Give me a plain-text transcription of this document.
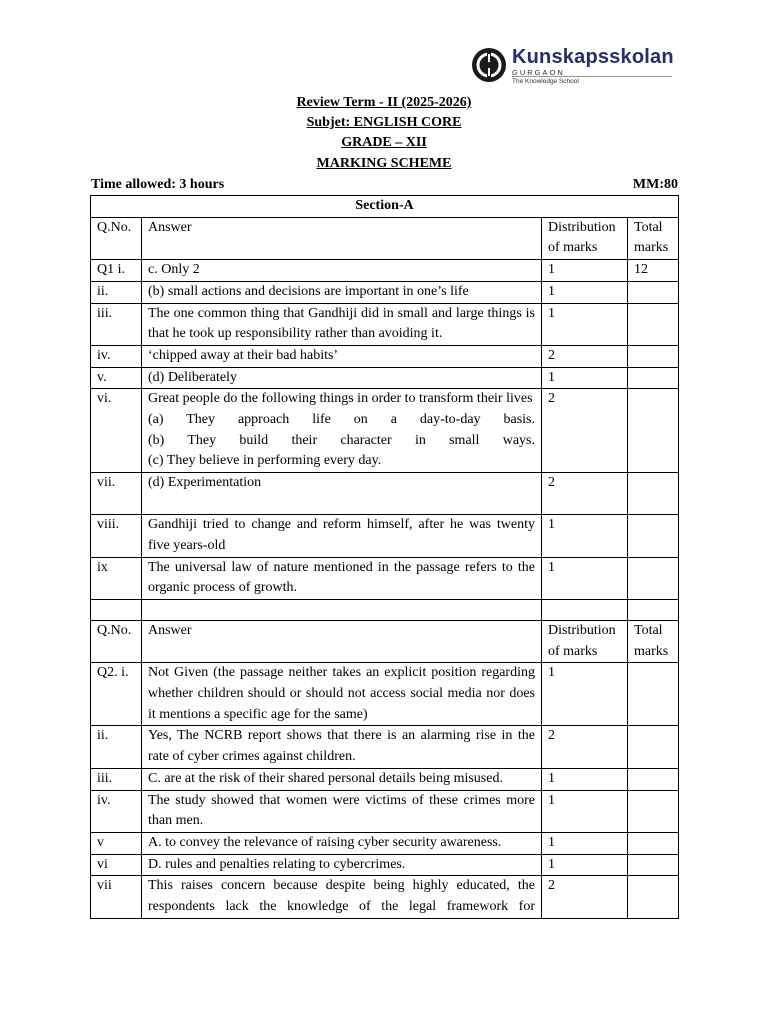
Kunskapsskolan
GURGAON
The Knowledge School
Review Term - II (2025-2026)
Subjet: ENGLISH CORE
GRADE – XII
MARKING SCHEME
Time allowed: 3 hours	MM:80
Section-A			
Q.No.	Answer	Distribution of marks	Total marks
Q1 i.	c. Only 2	1	12
ii.	(b) small actions and decisions are important in one’s life	1	
iii.	The one common thing that Gandhiji did in small and large things is that he took up responsibility rather than avoiding it.	1	
iv.	‘chipped away at their bad habits’	2	
v.	(d) Deliberately	1	
vi.	Great people do the following things in order to transform their lives
(a) They approach life on a day-to-day basis.
(b) They build their character in small ways.
(c) They believe in performing every day.	2	
vii.	(d) Experimentation	2	
viii.	Gandhiji tried to change and reform himself, after he was twenty five years-old	1	
ix	The universal law of nature mentioned in the passage refers to the organic process of growth.	1	

Q.No.	Answer	Distribution of marks	Total marks
Q2. i.	Not Given (the passage neither takes an explicit position regarding whether children should or should not access social media nor does it mentions a specific age for the same)	1	
ii.	Yes, The NCRB report shows that there is an alarming rise in the rate of cyber crimes against children.	2	
iii.	C. are at the risk of their shared personal details being misused.	1	
iv.	The study showed that women were victims of these crimes more than men.	1	
v	A. to convey the relevance of raising cyber security awareness.	1	
vi	D. rules and penalties relating to cybercrimes.	1	
vii	This raises concern because despite being highly educated, the respondents lack the knowledge of the legal framework for	2	
